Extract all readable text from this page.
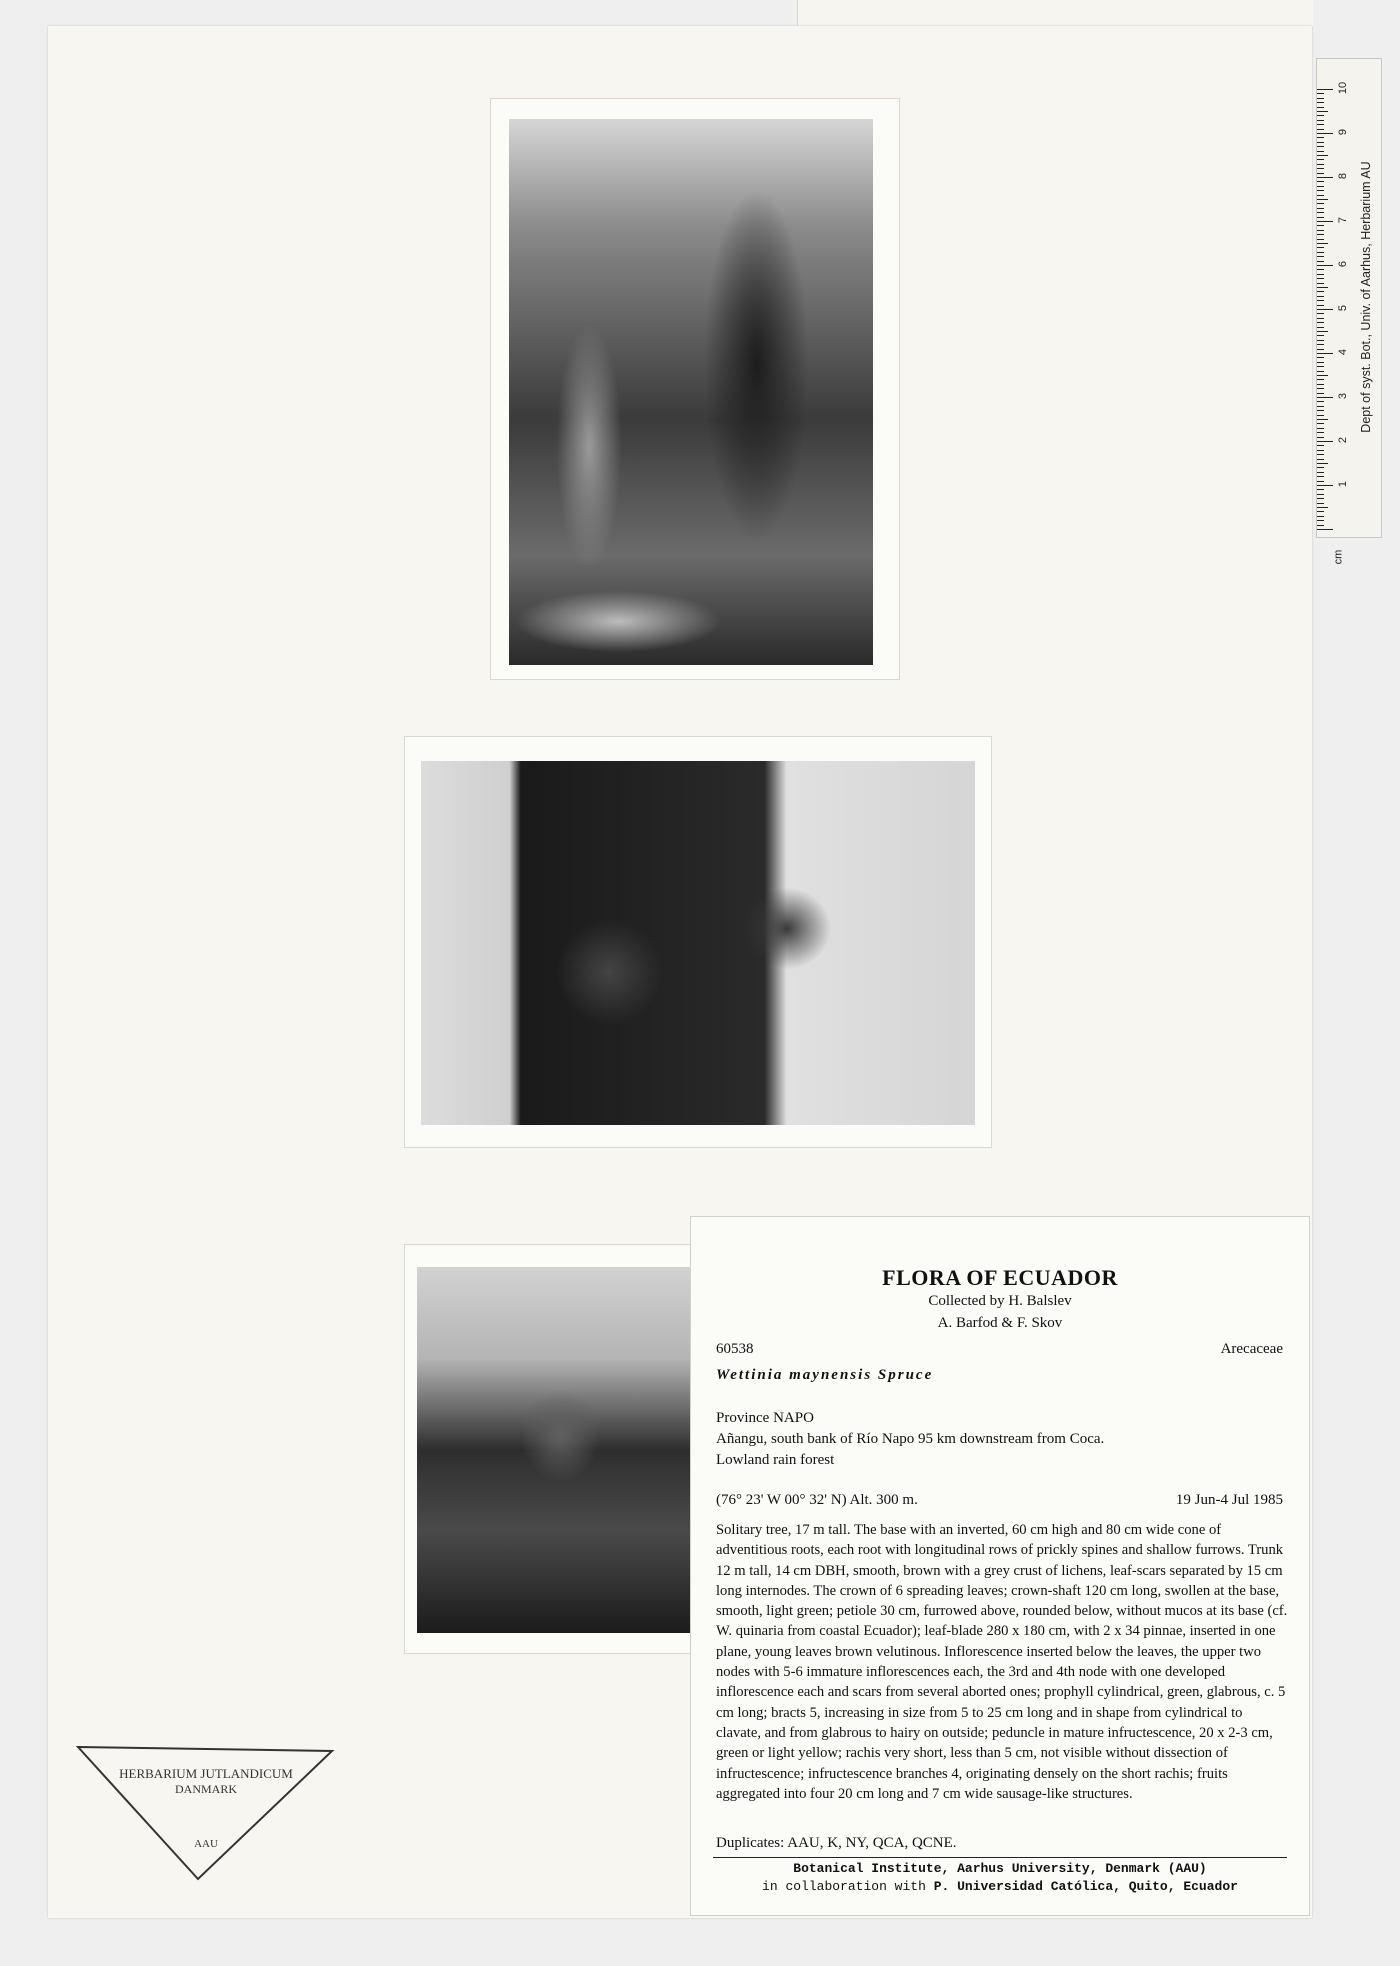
1
2
3
4
5
6
7
8
9
10
cm
Dept of syst. Bot., Univ. of Aarhus, Herbarium AU
FLORA OF ECUADOR
Collected by H. Balslev
A. Barfod & F. Skov
60538	Arecaceae
Wettinia maynensis Spruce
Province NAPO
Añangu, south bank of Río Napo 95 km downstream from Coca.
Lowland rain forest
(76° 23' W 00° 32' N) Alt. 300 m.	19 Jun-4 Jul 1985
Solitary tree, 17 m tall. The base with an inverted, 60 cm high and 80 cm wide cone of adventitious roots, each root with longitudinal rows of prickly spines and shallow furrows. Trunk 12 m tall, 14 cm DBH, smooth, brown with a grey crust of lichens, leaf-scars separated by 15 cm long internodes. The crown of 6 spreading leaves; crown-shaft 120 cm long, swollen at the base, smooth, light green; petiole 30 cm, furrowed above, rounded below, without mucos at its base (cf. W. quinaria from coastal Ecuador); leaf-blade 280 x 180 cm, with 2 x 34 pinnae, inserted in one plane, young leaves brown velutinous. Inflorescence inserted below the leaves, the upper two nodes with 5-6 immature inflorescences each, the 3rd and 4th node with one developed inflorescence each and scars from several aborted ones; prophyll cylindrical, green, glabrous, c. 5 cm long; bracts 5, increasing in size from 5 to 25 cm long and in shape from cylindrical to clavate, and from glabrous to hairy on outside; peduncle in mature infructescence, 20 x 2-3 cm, green or light yellow; rachis very short, less than 5 cm, not visible without dissection of infructescence; infructescence branches 4, originating densely on the short rachis; fruits aggregated into four 20 cm long and 7 cm wide sausage-like structures.
Duplicates: AAU, K, NY, QCA, QCNE.
Botanical Institute, Aarhus University, Denmark (AAU)
in collaboration with P. Universidad Católica, Quito, Ecuador
HERBARIUM JUTLANDICUM
DANMARK
AAU
